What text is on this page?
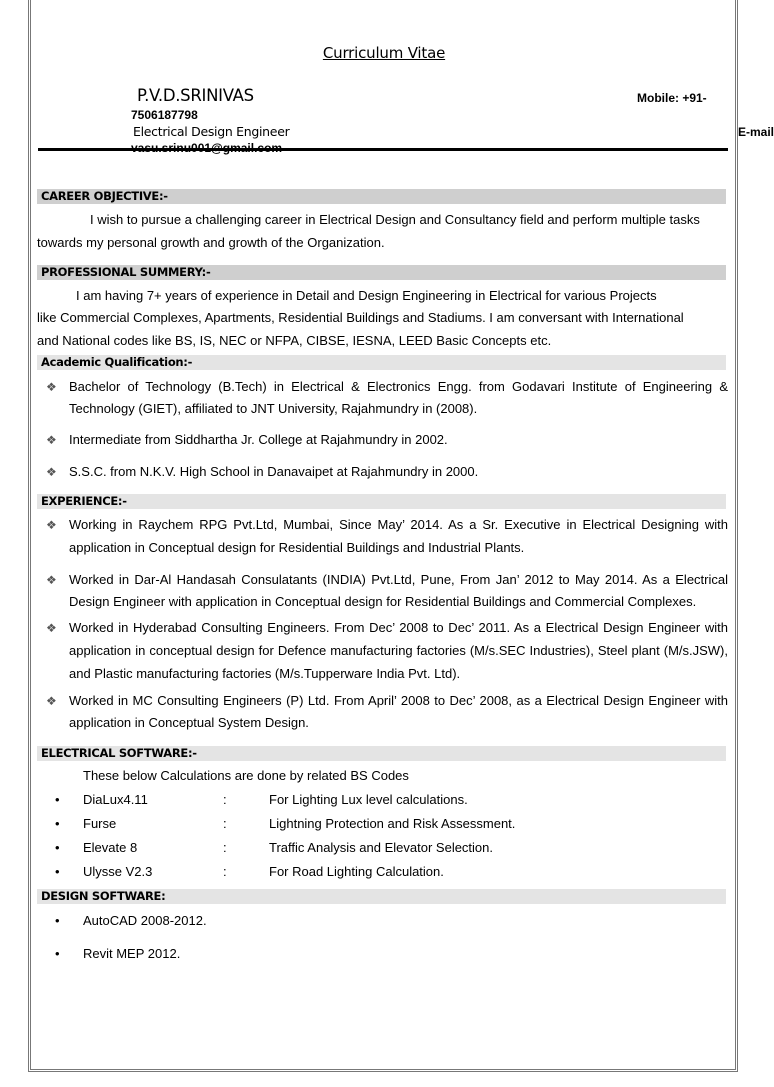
Curriculum Vitae
P.V.D.SRINIVAS	Mobile: +91-
7506187798
Electrical Design Engineer	E-mail
CAREER OBJECTIVE:-
I wish to pursue a challenging career in Electrical Design and Consultancy field and perform multiple tasks
towards my personal growth and growth of the Organization.
PROFESSIONAL SUMMERY:-
I am having 7+ years of experience in Detail and Design Engineering in Electrical for various Projects
like Commercial Complexes, Apartments, Residential Buildings and Stadiums. I am conversant with International
and National codes like BS, IS, NEC or NFPA, CIBSE, IESNA, LEED Basic Concepts etc.
Academic Qualification:-
❖ Bachelor of Technology (B.Tech) in Electrical & Electronics Engg. from Godavari Institute of Engineering &
Technology (GIET), affiliated to JNT University, Rajahmundry in (2008).
❖ Intermediate from Siddhartha Jr. College at Rajahmundry in 2002.
❖ S.S.C. from N.K.V. High School in Danavaipet at Rajahmundry in 2000.
EXPERIENCE:-
❖ Working in Raychem RPG Pvt.Ltd, Mumbai, Since May’ 2014. As a Sr. Executive in Electrical Designing with
application in Conceptual design for Residential Buildings and Industrial Plants.
❖ Worked in Dar-Al Handasah Consulatants (INDIA) Pvt.Ltd, Pune, From Jan’ 2012 to May 2014. As a Electrical
Design Engineer with application in Conceptual design for Residential Buildings and Commercial Complexes.
❖ Worked in Hyderabad Consulting Engineers. From Dec’ 2008 to Dec’ 2011. As a Electrical Design Engineer with
application in conceptual design for Defence manufacturing factories (M/s.SEC Industries), Steel plant (M/s.JSW),
and Plastic manufacturing factories (M/s.Tupperware India Pvt. Ltd).
❖ Worked in MC Consulting Engineers (P) Ltd. From April’ 2008 to Dec’ 2008, as a Electrical Design Engineer with
application in Conceptual System Design.
ELECTRICAL SOFTWARE:-
These below Calculations are done by related BS Codes
• DiaLux4.11	:	For Lighting Lux level calculations.
• Furse	:	Lightning Protection and Risk Assessment.
• Elevate 8	:	Traffic Analysis and Elevator Selection.
• Ulysse V2.3	:	For Road Lighting Calculation.
DESIGN SOFTWARE:
• AutoCAD 2008-2012.
• Revit MEP 2012.
